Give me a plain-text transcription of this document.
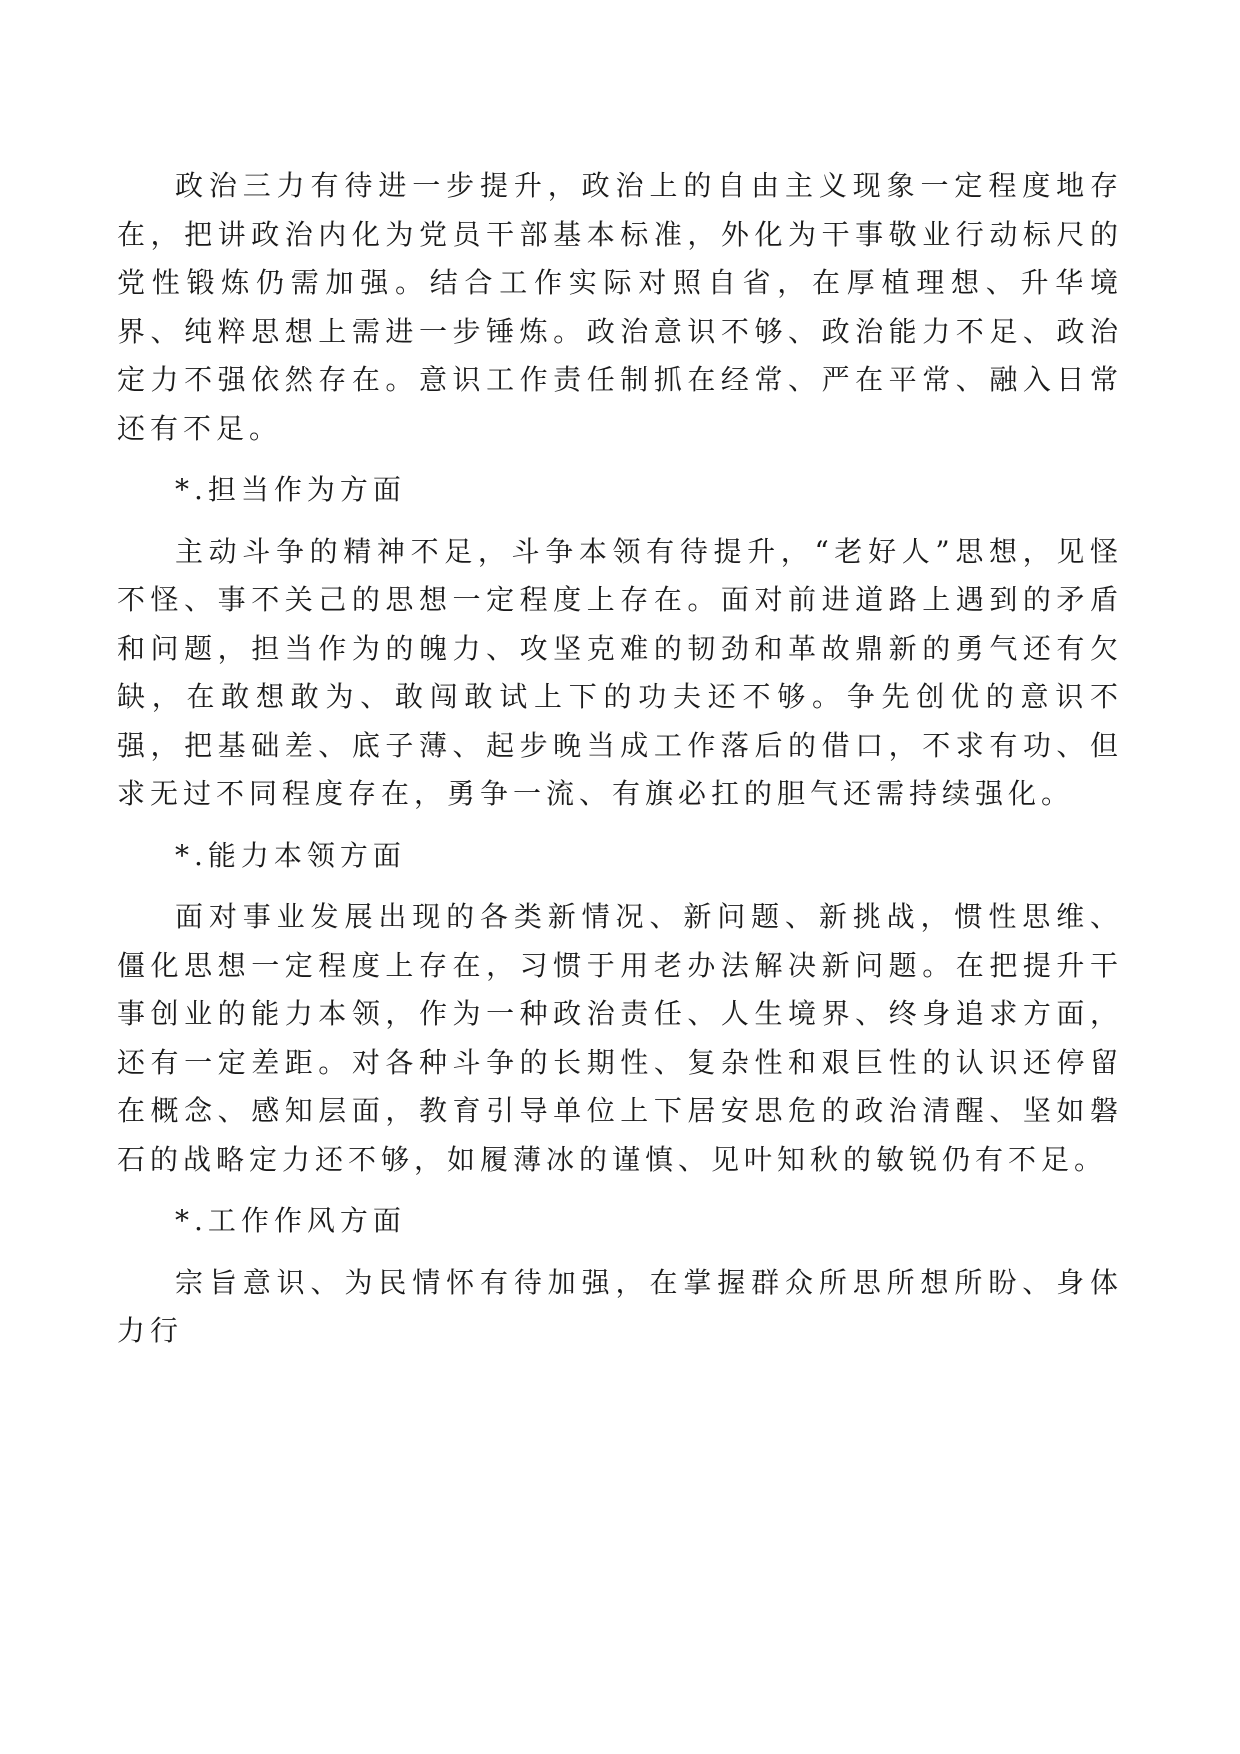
政治三力有待进一步提升，政治上的自由主义现象一定程度地存在，把讲政治内化为党员干部基本标准，外化为干事敬业行动标尺的党性锻炼仍需加强。结合工作实际对照自省，在厚植理想、升华境界、纯粹思想上需进一步锤炼。政治意识不够、政治能力不足、政治定力不强依然存在。意识工作责任制抓在经常、严在平常、融入日常还有不足。

*.担当作为方面

主动斗争的精神不足，斗争本领有待提升，“老好人”思想，见怪不怪、事不关己的思想一定程度上存在。面对前进道路上遇到的矛盾和问题，担当作为的魄力、攻坚克难的韧劲和革故鼎新的勇气还有欠缺，在敢想敢为、敢闯敢试上下的功夫还不够。争先创优的意识不强，把基础差、底子薄、起步晚当成工作落后的借口，不求有功、但求无过不同程度存在，勇争一流、有旗必扛的胆气还需持续强化。

*.能力本领方面

面对事业发展出现的各类新情况、新问题、新挑战，惯性思维、僵化思想一定程度上存在，习惯于用老办法解决新问题。在把提升干事创业的能力本领，作为一种政治责任、人生境界、终身追求方面，还有一定差距。对各种斗争的长期性、复杂性和艰巨性的认识还停留在概念、感知层面，教育引导单位上下居安思危的政治清醒、坚如磐石的战略定力还不够，如履薄冰的谨慎、见叶知秋的敏锐仍有不足。

*.工作作风方面

宗旨意识、为民情怀有待加强，在掌握群众所思所想所盼、身体力行
